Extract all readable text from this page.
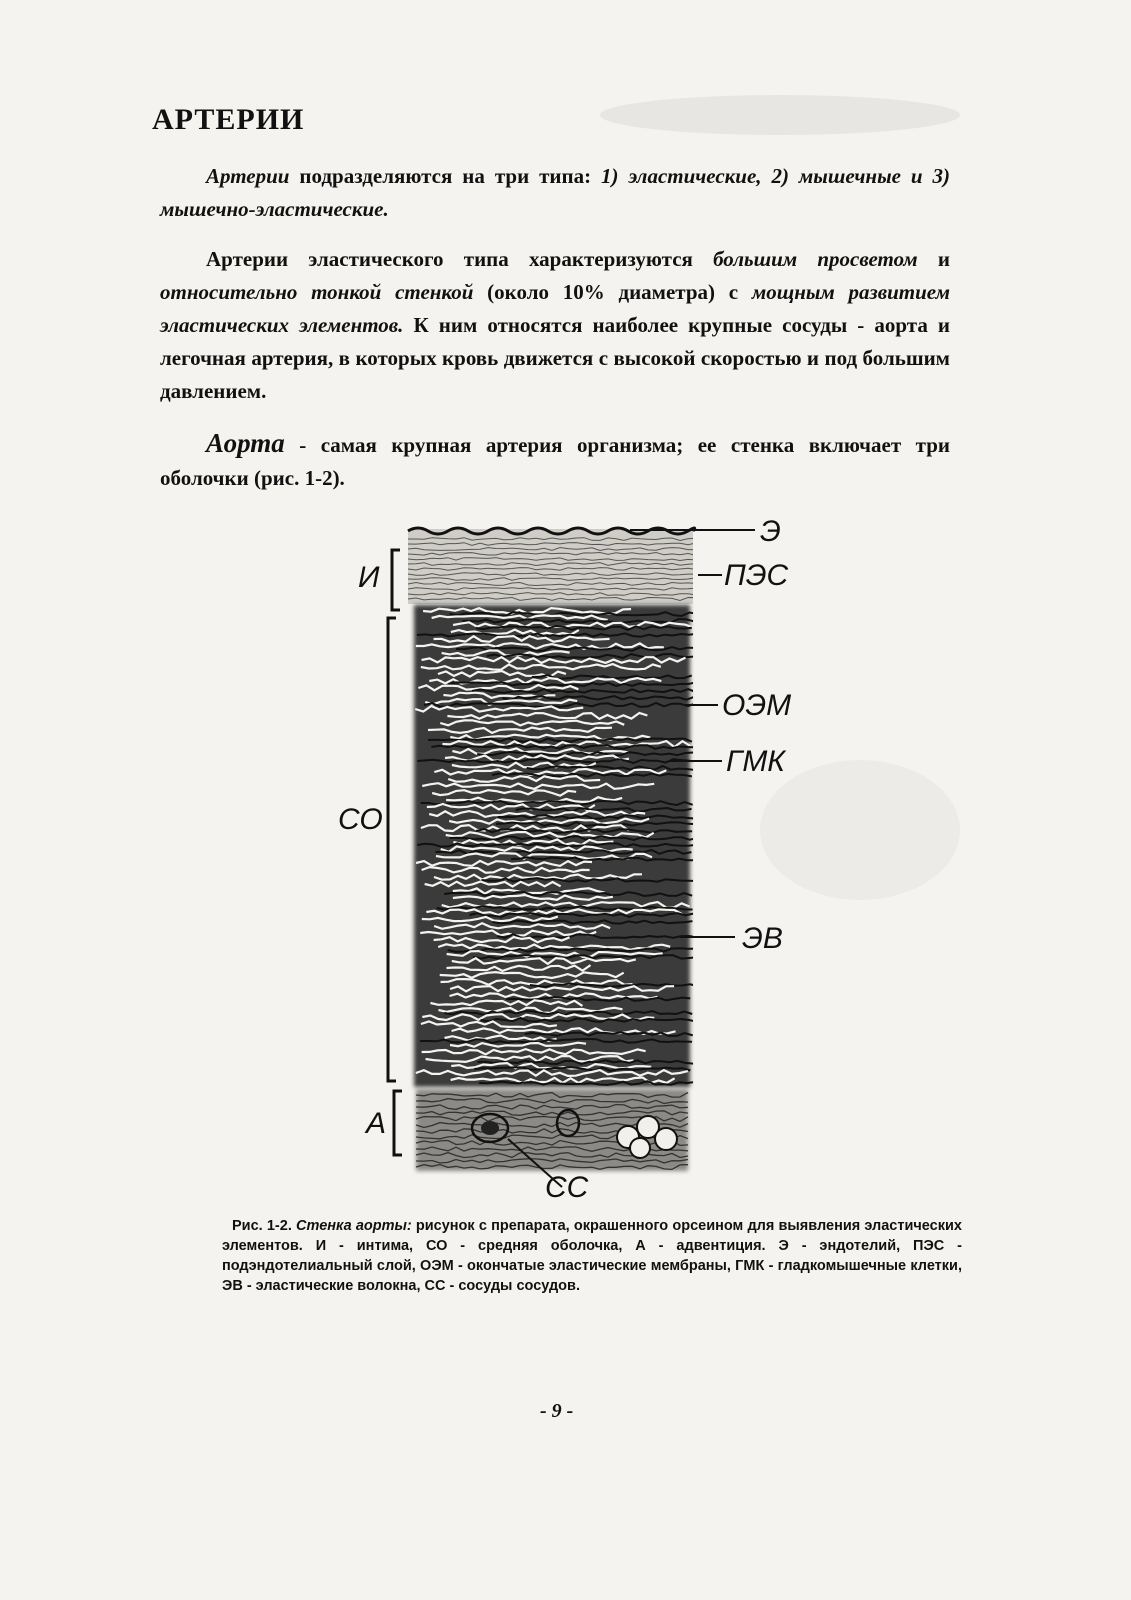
АРТЕРИИ
Артерии подразделяются на три типа: 1) эластические, 2) мышечные и 3) мышечно-эластические.
Артерии эластического типа характеризуются большим просветом и относительно тонкой стенкой (около 10% диаметра) с мощным развитием эластических элементов. К ним относятся наиболее крупные сосуды - аорта и легочная артерия, в которых кровь движется с высокой скоростью и под большим давлением.
Аорта - самая крупная артерия организма; ее стенка включает три оболочки (рис. 1-2).
Э
ПЭС
ОЭМ
ГМК
ЭВ
СС
И
СО
А
Рис. 1-2. Стенка аорты: рисунок с препарата, окрашенного орсеином для выявления эластических элементов. И - интима, СО - средняя оболочка, А - адвентиция. Э - эндотелий, ПЭС - подэндотелиальный слой, ОЭМ - окончатые эластические мембраны, ГМК - гладкомышечные клетки, ЭВ - эластические волокна, СС - сосуды сосудов.
- 9 -
